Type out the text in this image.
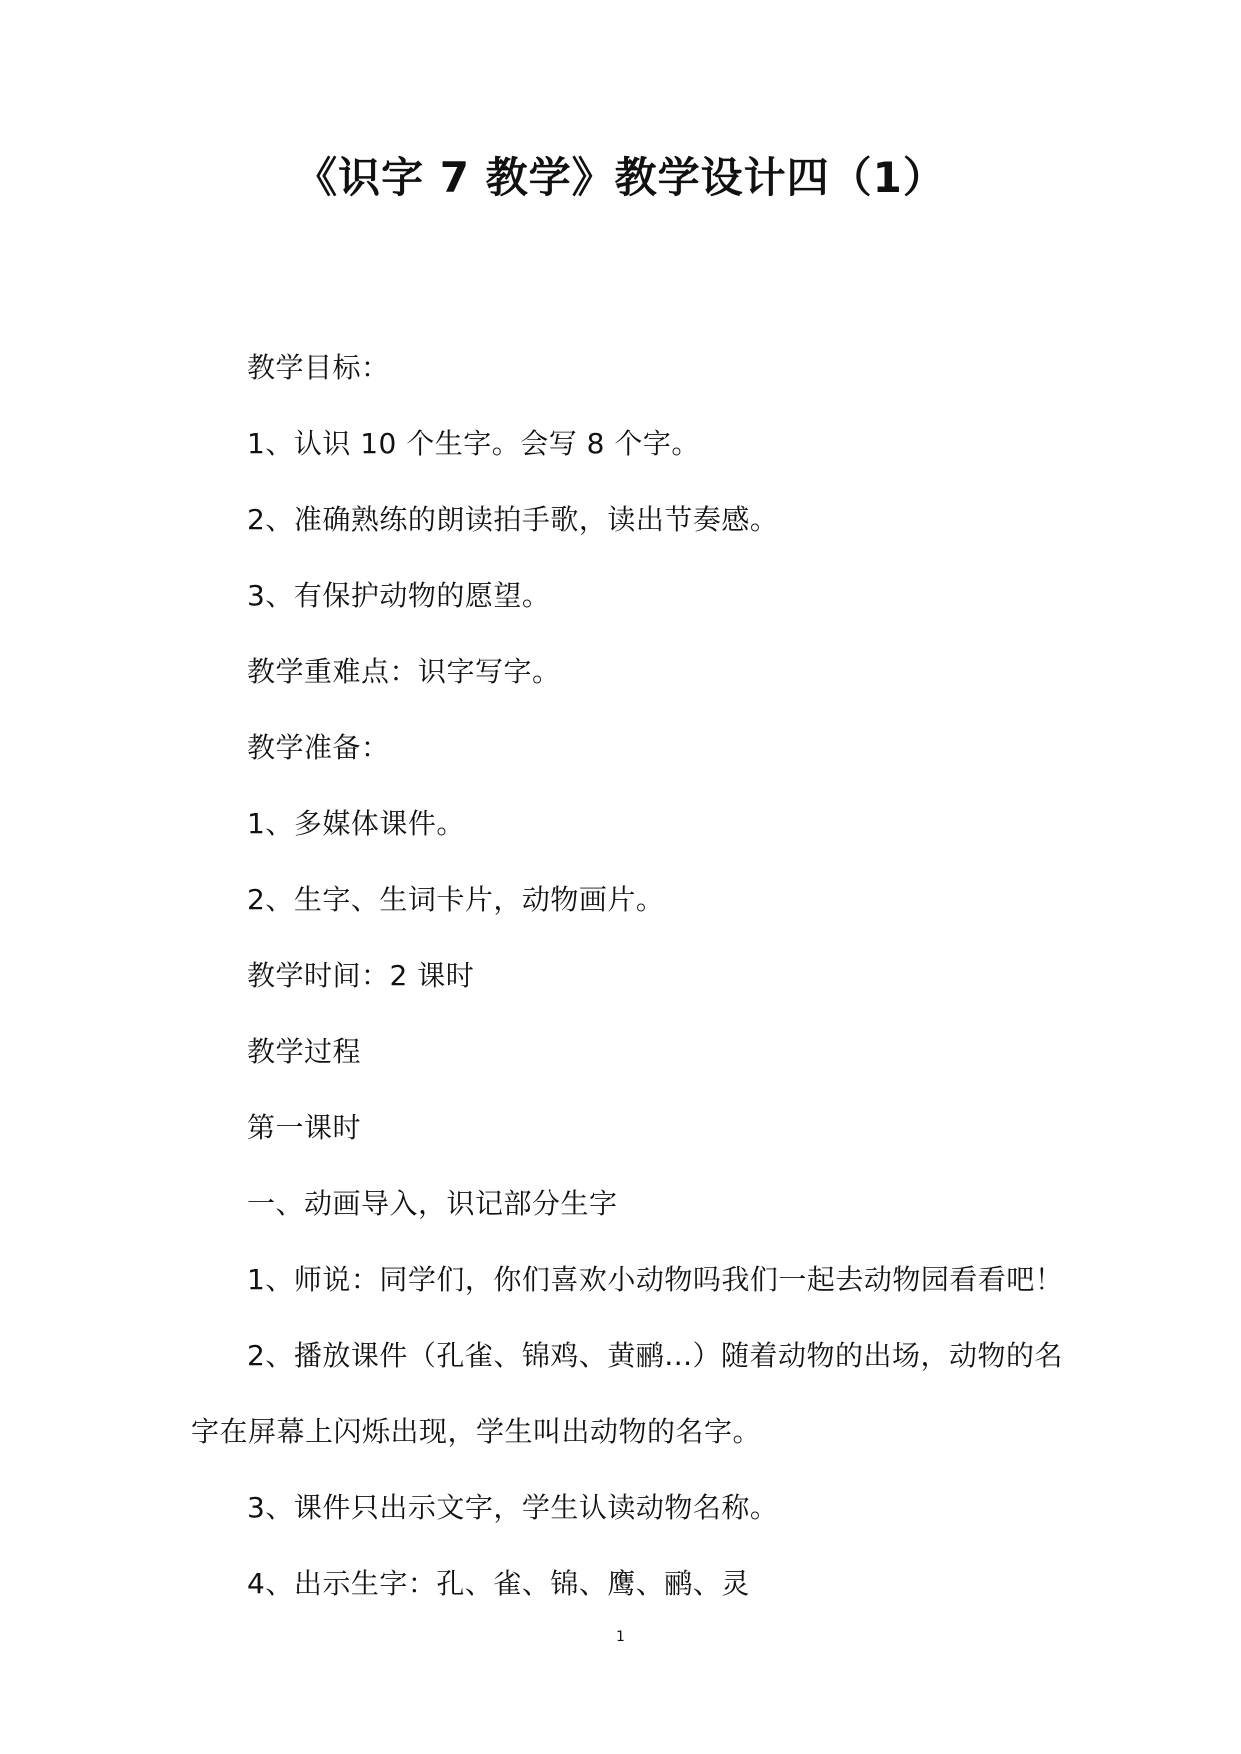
《识字 7 教学》教学设计四（1）

教学目标：

1、认识 10 个生字。会写 8 个字。

2、准确熟练的朗读拍手歌，读出节奏感。

3、有保护动物的愿望。

教学重难点：识字写字。

教学准备：

1、多媒体课件。

2、生字、生词卡片，动物画片。

教学时间：2 课时

教学过程

第一课时

一、动画导入，识记部分生字

1、师说：同学们，你们喜欢小动物吗我们一起去动物园看看吧！

2、播放课件（孔雀、锦鸡、黄鹂...）随着动物的出场，动物的名字在屏幕上闪烁出现，学生叫出动物的名字。

3、课件只出示文字，学生认读动物名称。

4、出示生字：孔、雀、锦、鹰、鹂、灵

1
